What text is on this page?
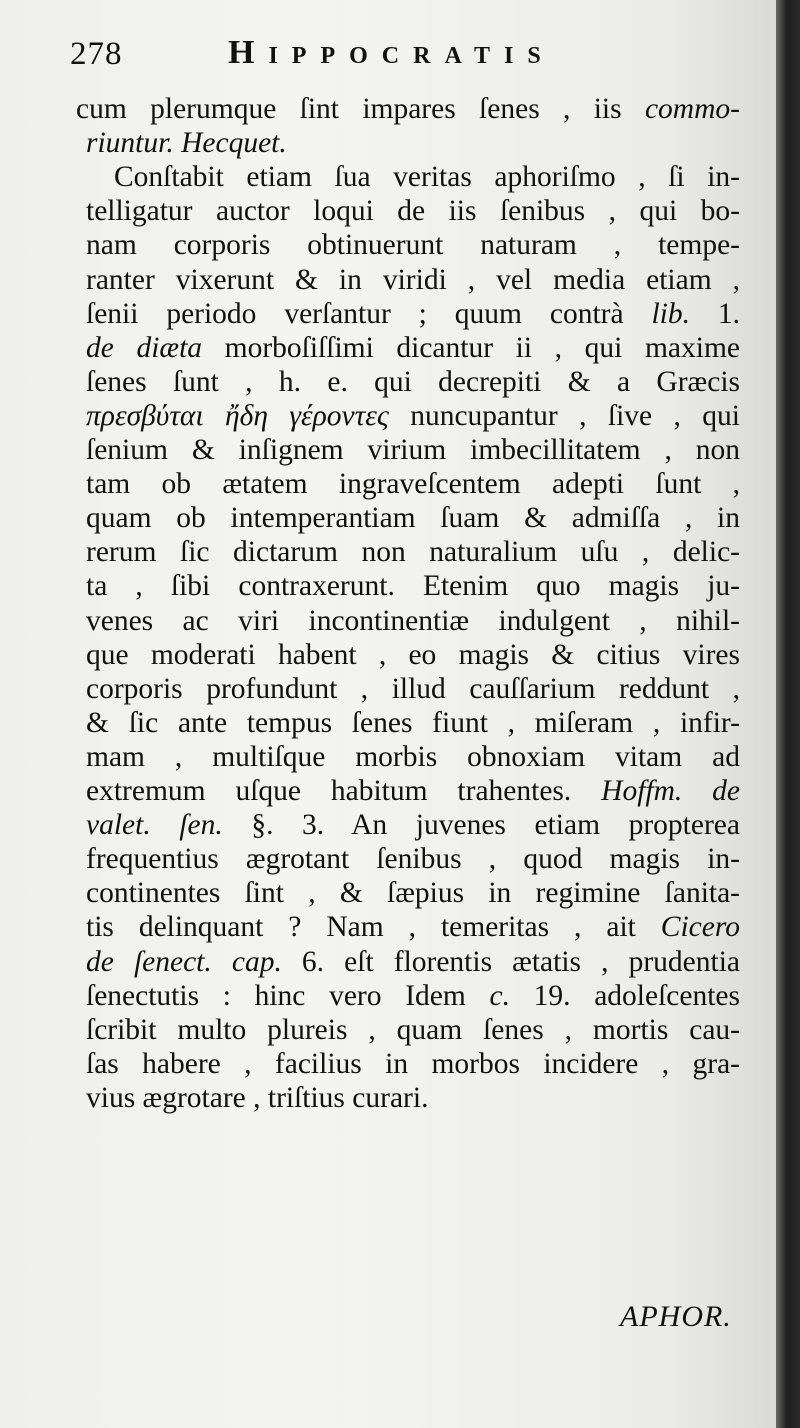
278	Hippocratis
cum plerumque ſint impares ſenes , iis commo-
riuntur. Hecquet.
Conſtabit etiam ſua veritas aphoriſmo , ſi in-
telligatur auctor loqui de iis ſenibus , qui bo-
nam corporis obtinuerunt naturam , tempe-
ranter vixerunt & in viridi , vel media etiam ,
ſenii periodo verſantur ; quum contrà lib. 1.
de diæta morboſiſſimi dicantur ii , qui maxime
ſenes ſunt , h. e. qui decrepiti & a Græcis
πρεσβύται ἤδη γέροντες nuncupantur , ſive , qui
ſenium & inſignem virium imbecillitatem , non
tam ob ætatem ingraveſcentem adepti ſunt ,
quam ob intemperantiam ſuam & admiſſa , in
rerum ſic dictarum non naturalium uſu , delic-
ta , ſibi contraxerunt. Etenim quo magis ju-
venes ac viri incontinentiæ indulgent , nihil-
que moderati habent , eo magis & citius vires
corporis profundunt , illud cauſſarium reddunt ,
& ſic ante tempus ſenes fiunt , miſeram , infir-
mam , multiſque morbis obnoxiam vitam ad
extremum uſque habitum trahentes. Hoffm. de
valet. ſen. §. 3. An juvenes etiam propterea
frequentius ægrotant ſenibus , quod magis in-
continentes ſint , & ſæpius in regimine ſanita-
tis delinquant ? Nam , temeritas , ait Cicero
de ſenect. cap. 6. eſt florentis ætatis , prudentia
ſenectutis : hinc vero Idem c. 19. adoleſcentes
ſcribit multo plureis , quam ſenes , mortis cau-
ſas habere , facilius in morbos incidere , gra-
vius ægrotare , triſtius curari.
APHOR.
